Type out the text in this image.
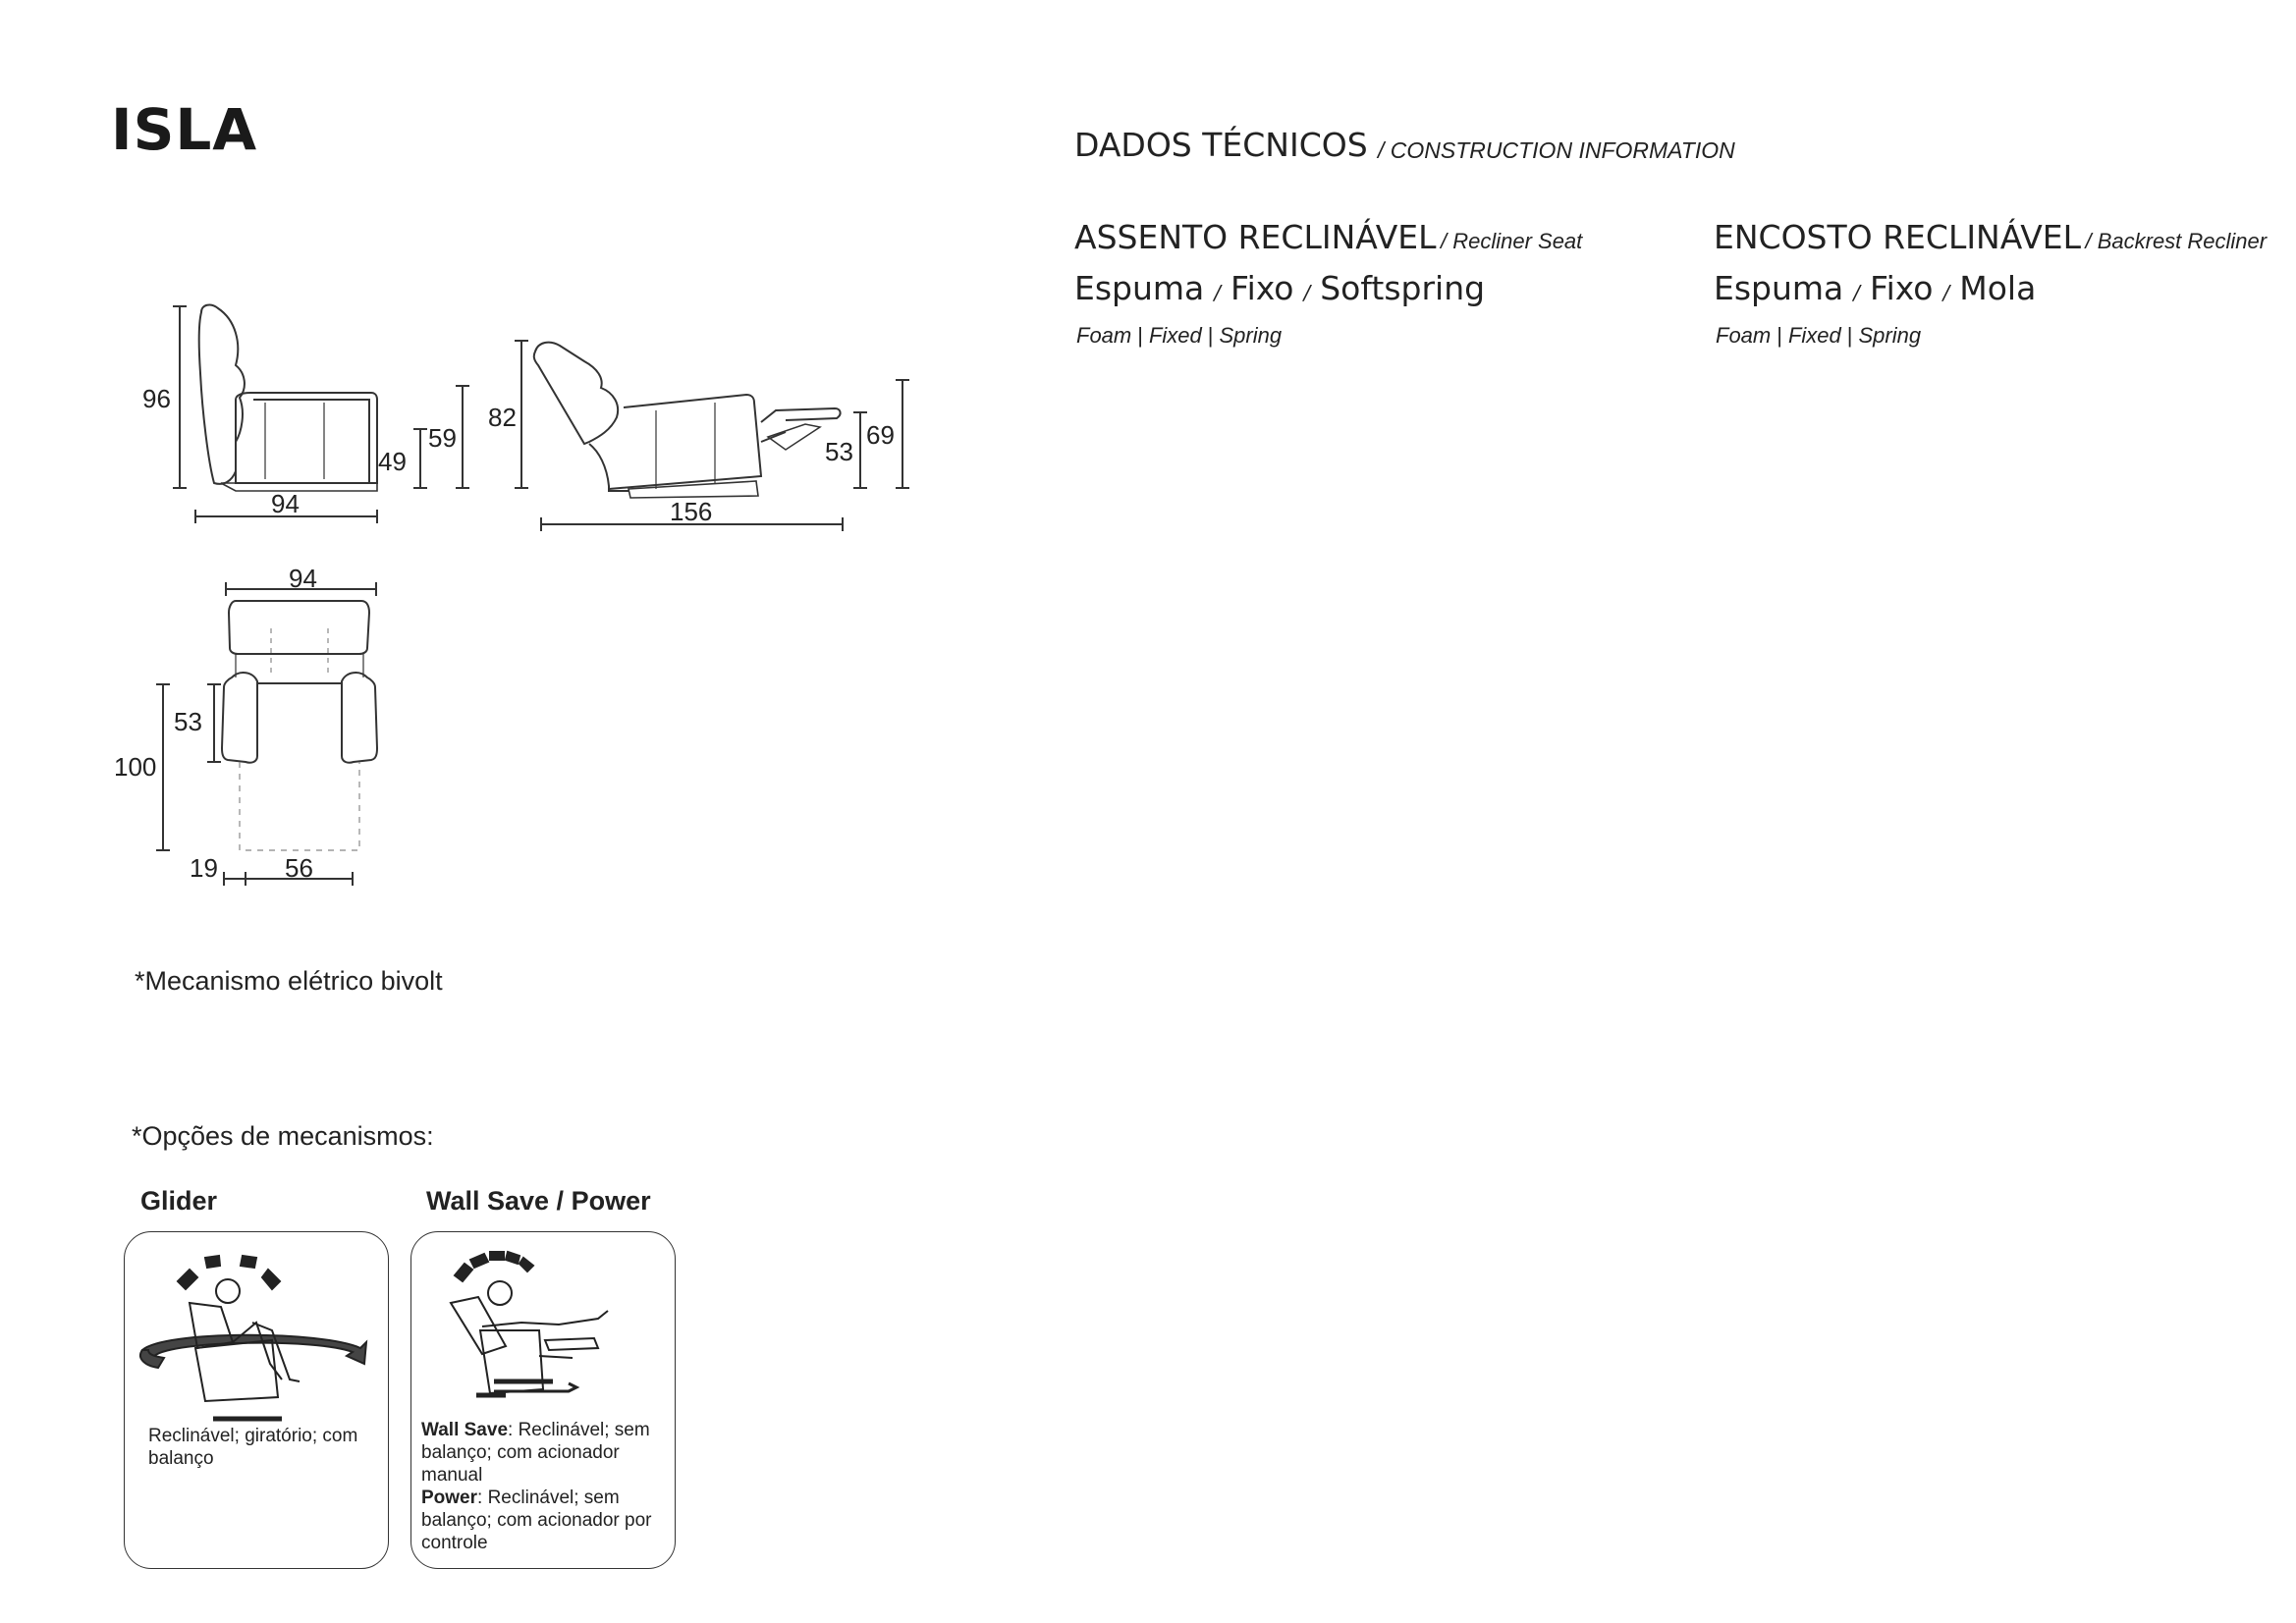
ISLA	DADOS TÉCNICOS / CONSTRUCTION INFORMATION
ASSENTO RECLINÁVEL / Recliner Seat
Espuma / Fixo / Softspring
Foam | Fixed | Spring
ENCOSTO RECLINÁVEL / Backrest Recliner
Espuma / Fixo / Mola
Foam | Fixed | Spring
96
49
59
94
82
53
69
156
94
100
53
19	56
*Mecanismo elétrico bivolt
*Opções de mecanismos:
Glider	Wall Save / Power
Reclinável; giratório; com balanço
Wall Save: Reclinável; sem balanço; com acionador manual
Power: Reclinável; sem balanço; com acionador por controle
